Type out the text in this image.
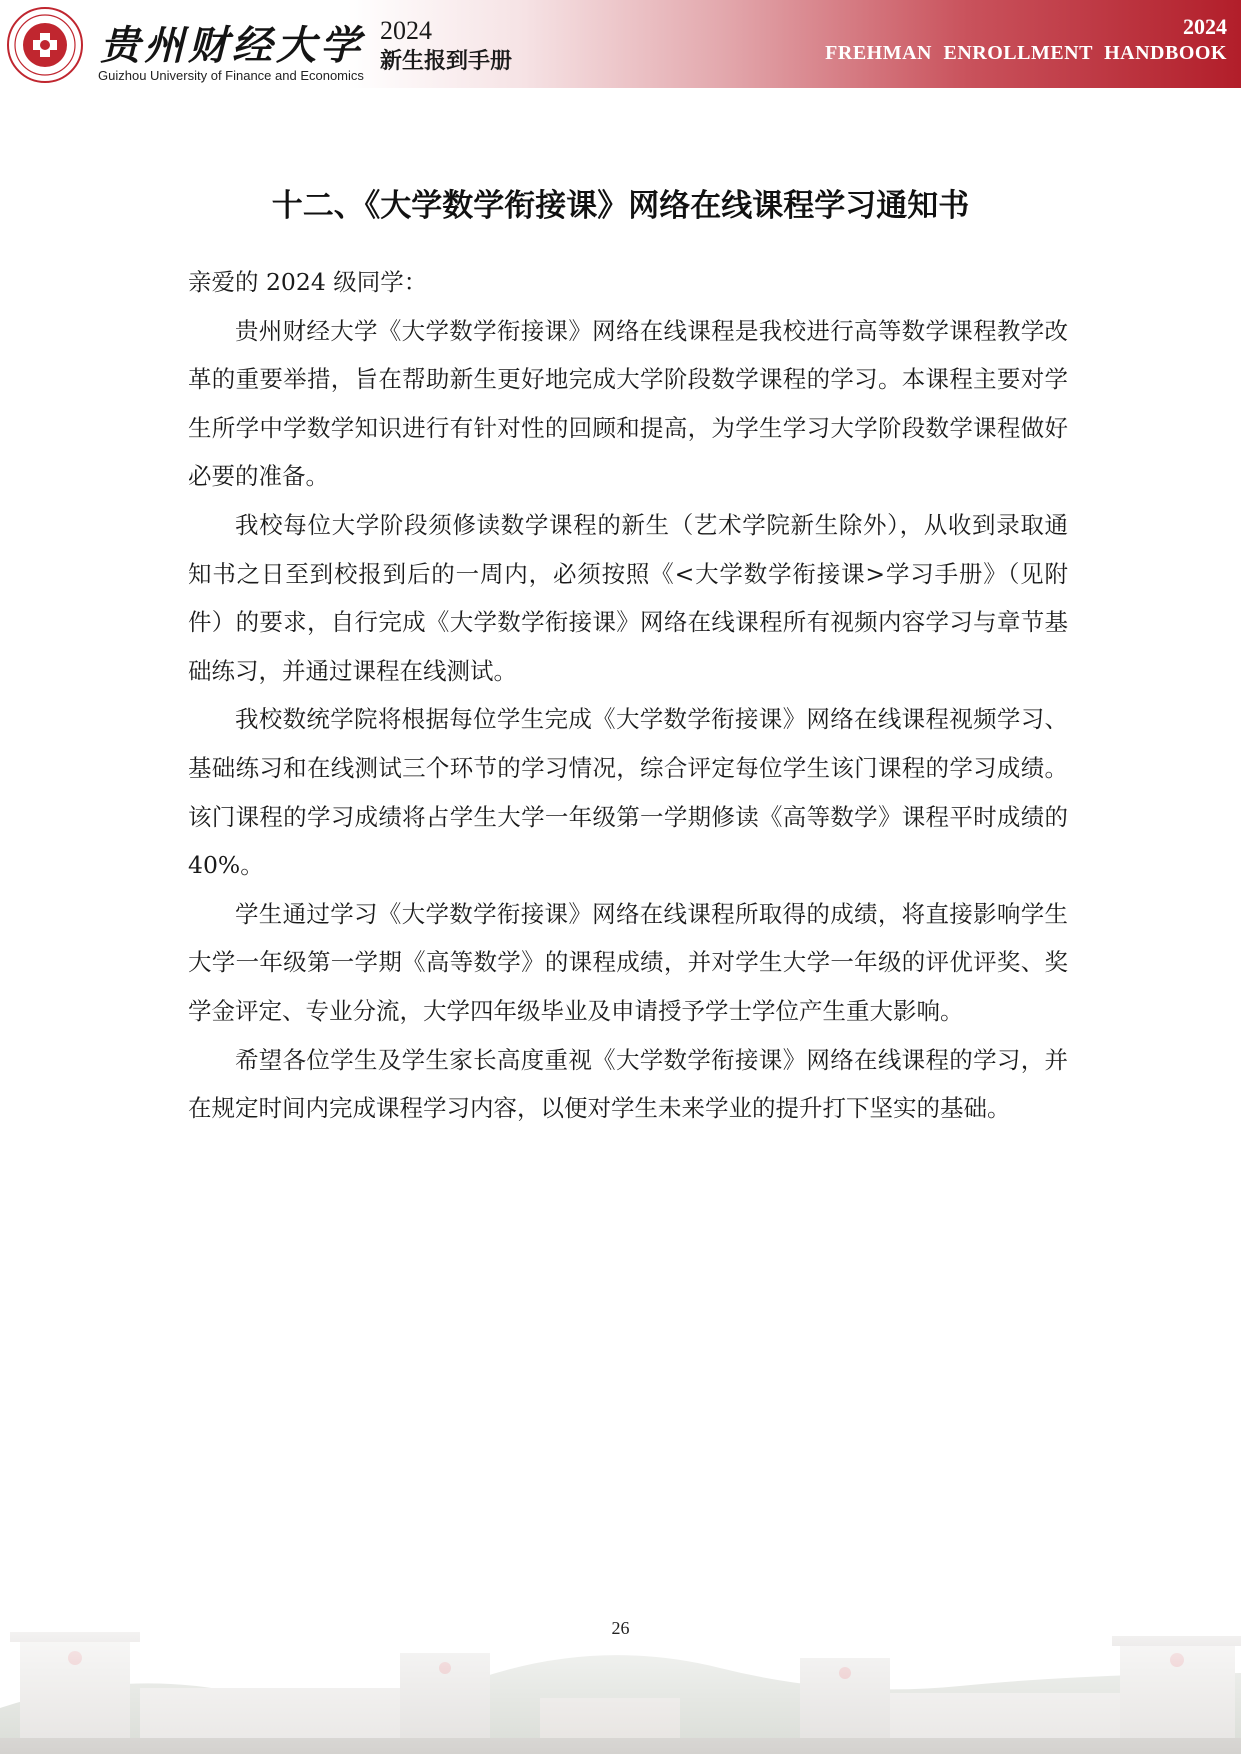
贵州财经大学
Guizhou University of Finance and Economics
2024
新生报到手册
2024
FREHMAN ENROLLMENT HANDBOOK
十二、《大学数学衔接课》网络在线课程学习通知书

亲爱的 2024 级同学：

贵州财经大学《大学数学衔接课》网络在线课程是我校进行高等数学课程教学改革的重要举措，旨在帮助新生更好地完成大学阶段数学课程的学习。本课程主要对学生所学中学数学知识进行有针对性的回顾和提高，为学生学习大学阶段数学课程做好必要的准备。

我校每位大学阶段须修读数学课程的新生（艺术学院新生除外），从收到录取通知书之日至到校报到后的一周内，必须按照《<大学数学衔接课>学习手册》（见附件）的要求，自行完成《大学数学衔接课》网络在线课程所有视频内容学习与章节基础练习，并通过课程在线测试。

我校数统学院将根据每位学生完成《大学数学衔接课》网络在线课程视频学习、基础练习和在线测试三个环节的学习情况，综合评定每位学生该门课程的学习成绩。该门课程的学习成绩将占学生大学一年级第一学期修读《高等数学》课程平时成绩的 40%。

学生通过学习《大学数学衔接课》网络在线课程所取得的成绩，将直接影响学生大学一年级第一学期《高等数学》的课程成绩，并对学生大学一年级的评优评奖、奖学金评定、专业分流，大学四年级毕业及申请授予学士学位产生重大影响。

希望各位学生及学生家长高度重视《大学数学衔接课》网络在线课程的学习，并在规定时间内完成课程学习内容，以便对学生未来学业的提升打下坚实的基础。

26
